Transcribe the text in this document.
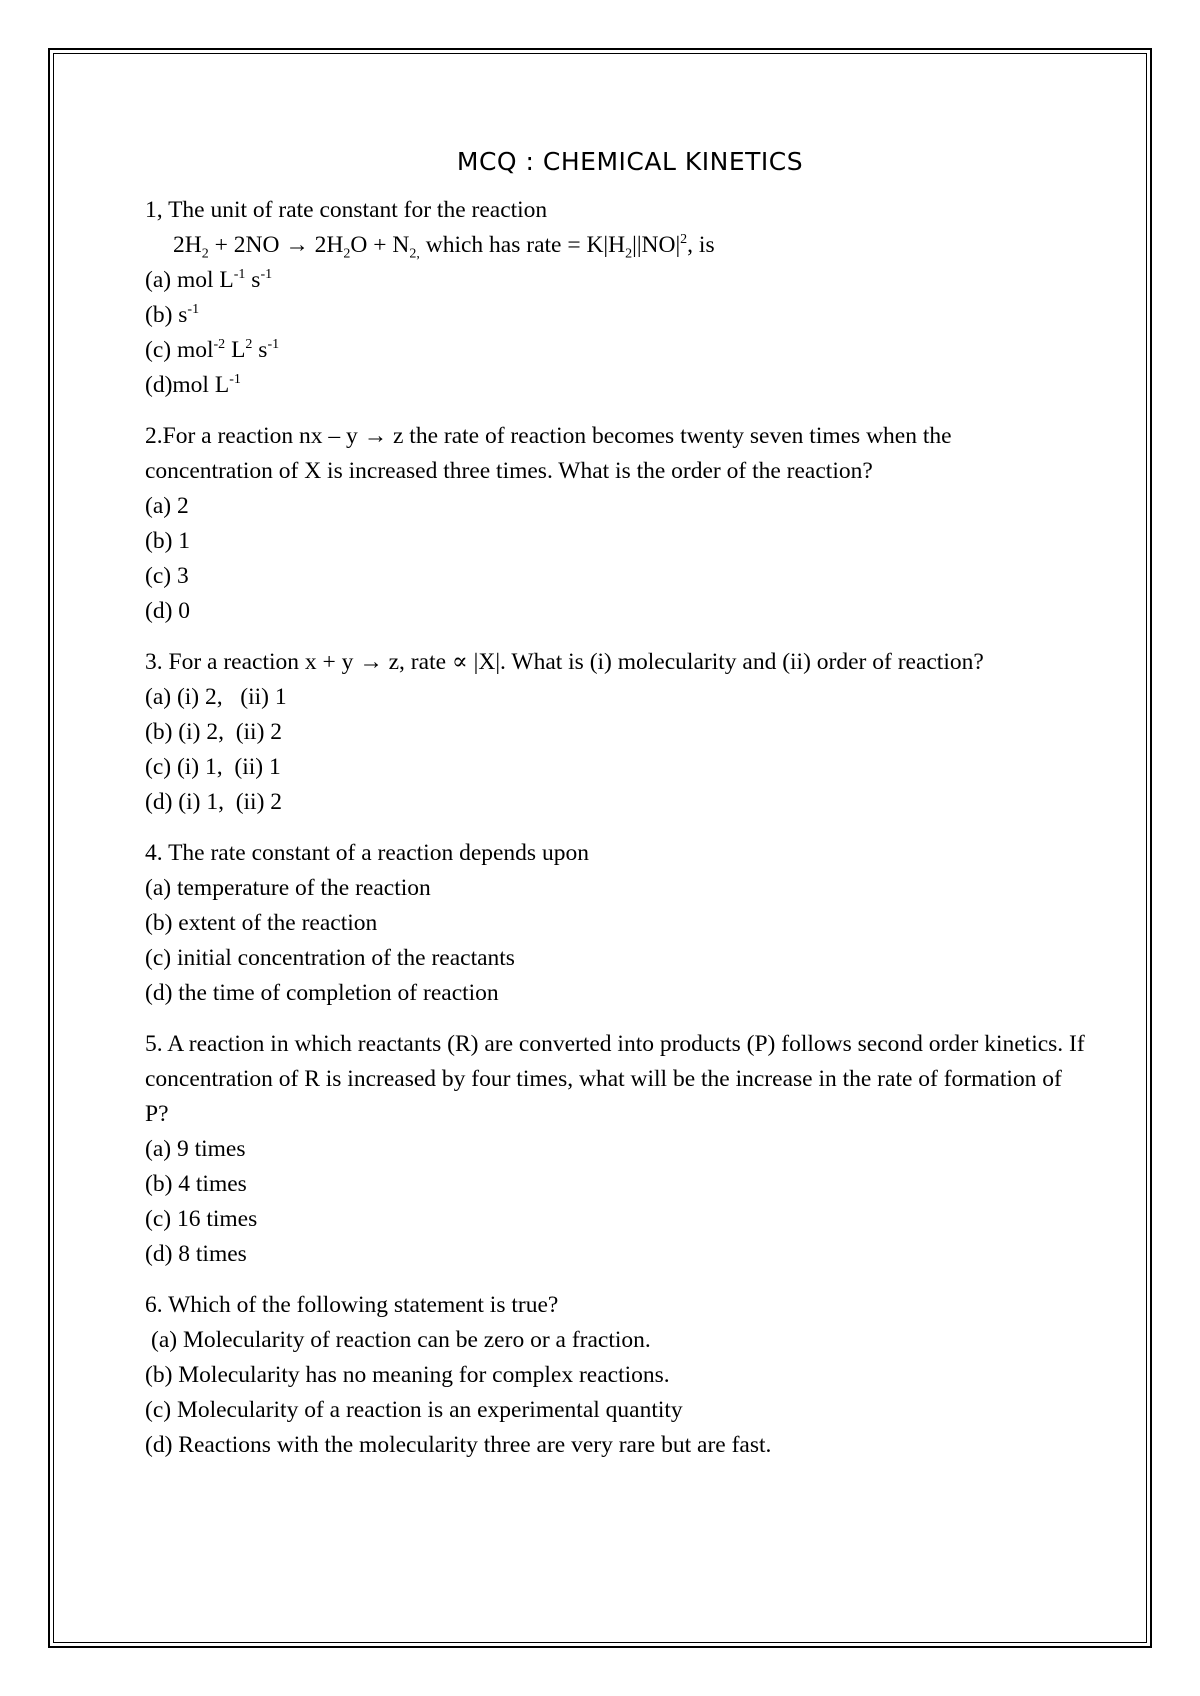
MCQ : CHEMICAL KINETICS

1, The unit of rate constant for the reaction

$2H_2 + 2NO \to 2H_2O + N_{2,}$ which has rate = $K|H_2||NO|^2$, is

(a) mol $L^{-1}$ $s^{-1}$

(b) $s^{-1}$

(c) mol$^{-2}$ $L^2$ $s^{-1}$

(d)mol $L^{-1}$

2.For a reaction nx – y → z the rate of reaction becomes twenty seven times when the concentration of X is increased three times. What is the order of the reaction?

(a) 2

(b) 1

(c) 3

(d) 0

3. For a reaction x + y → z, rate ∝ |X|. What is (i) molecularity and (ii) order of reaction?

(a) (i) 2,   (ii) 1

(b) (i) 2,  (ii) 2

(c) (i) 1,  (ii) 1

(d) (i) 1,  (ii) 2

4. The rate constant of a reaction depends upon

(a) temperature of the reaction

(b) extent of the reaction

(c) initial concentration of the reactants

(d) the time of completion of reaction

5. A reaction in which reactants (R) are converted into products (P) follows second order kinetics. If concentration of R is increased by four times, what will be the increase in the rate of formation of P?

(a) 9 times

(b) 4 times

(c) 16 times

(d) 8 times

6. Which of the following statement is true?

(a) Molecularity of reaction can be zero or a fraction.

(b) Molecularity has no meaning for complex reactions.

(c) Molecularity of a reaction is an experimental quantity

(d) Reactions with the molecularity three are very rare but are fast.
